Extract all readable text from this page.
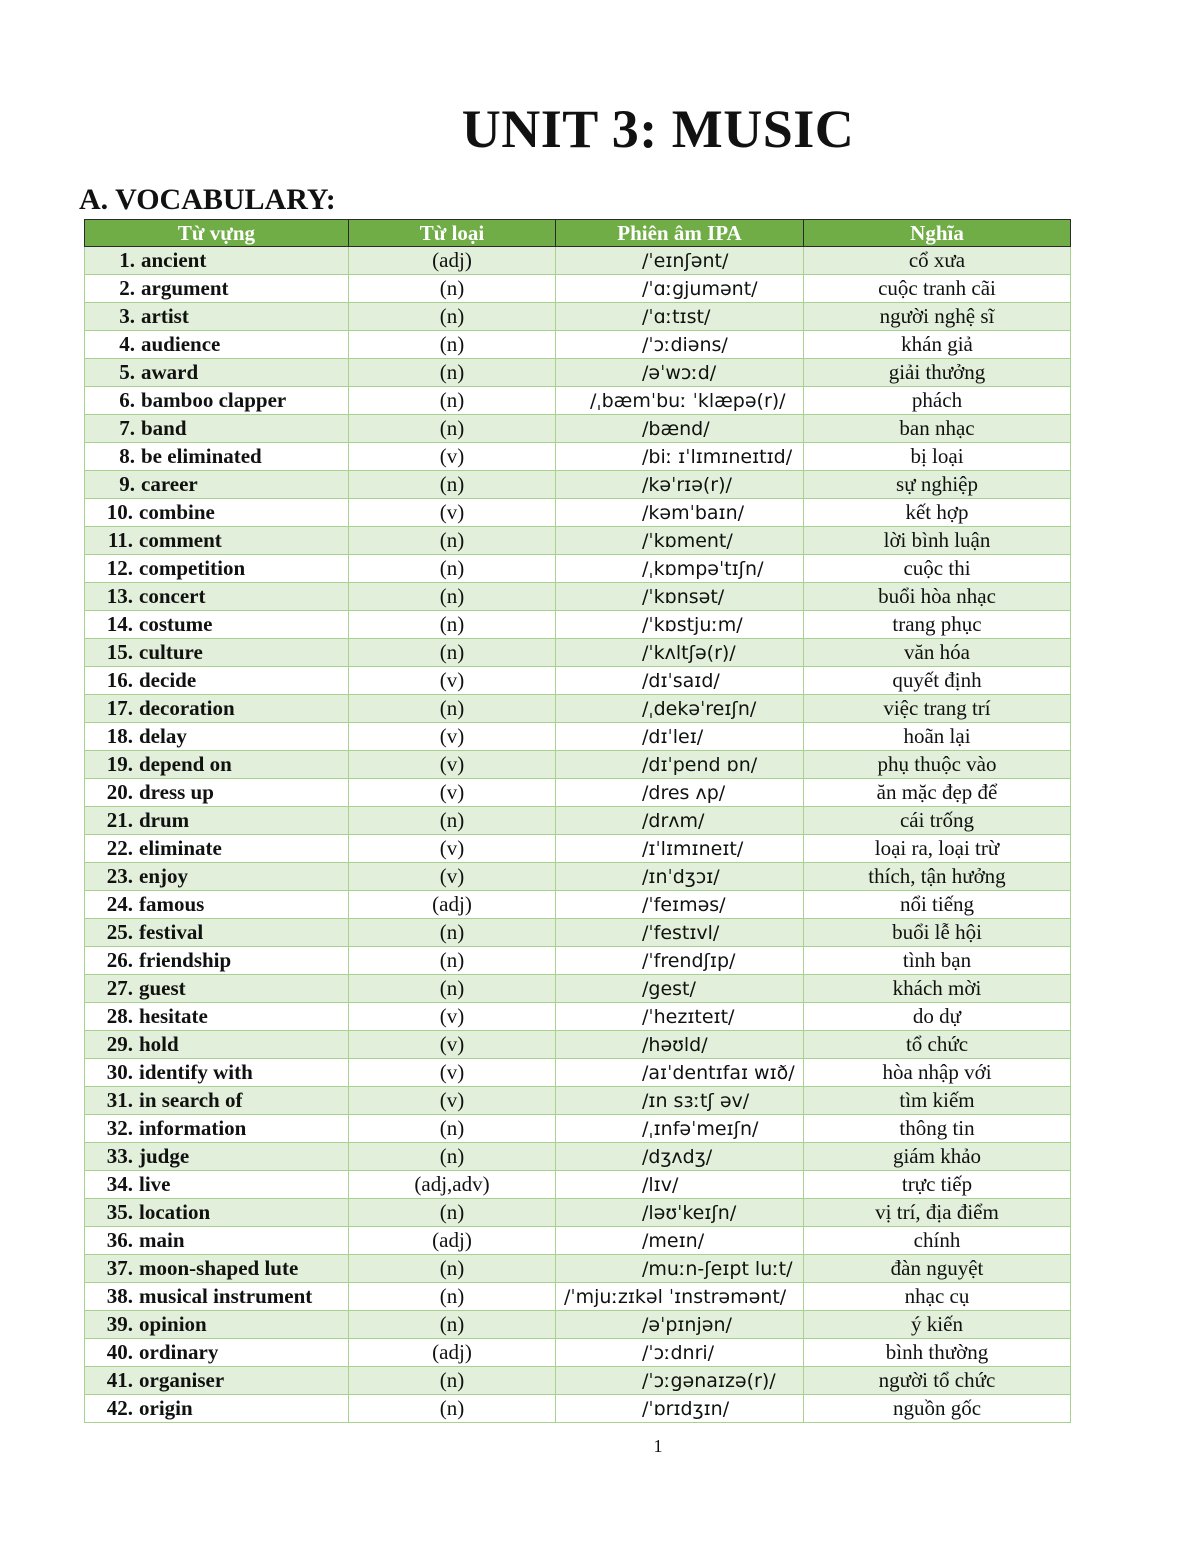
UNIT 3: MUSIC
A. VOCABULARY:
Từ vựng	Từ loại	Phiên âm IPA	Nghĩa
1. ancient	(adj)	/ˈeɪnʃənt/	cổ xưa
2. argument	(n)	/ˈɑːgjumənt/	cuộc tranh cãi
3. artist	(n)	/ˈɑːtɪst/	người nghệ sĩ
4. audience	(n)	/ˈɔːdiəns/	khán giả
5. award	(n)	/əˈwɔːd/	giải thưởng
6. bamboo clapper	(n)	/ˌbæmˈbuː ˈklæpə(r)/	phách
7. band	(n)	/bænd/	ban nhạc
8. be eliminated	(v)	/biː ɪˈlɪmɪneɪtɪd/	bị loại
9. career	(n)	/kəˈrɪə(r)/	sự nghiệp
10. combine	(v)	/kəmˈbaɪn/	kết hợp
11. comment	(n)	/ˈkɒment/	lời bình luận
12. competition	(n)	/ˌkɒmpəˈtɪʃn/	cuộc thi
13. concert	(n)	/ˈkɒnsət/	buổi hòa nhạc
14. costume	(n)	/ˈkɒstjuːm/	trang phục
15. culture	(n)	/ˈkʌltʃə(r)/	văn hóa
16. decide	(v)	/dɪˈsaɪd/	quyết định
17. decoration	(n)	/ˌdekəˈreɪʃn/	việc trang trí
18. delay	(v)	/dɪˈleɪ/	hoãn lại
19. depend on	(v)	/dɪˈpend ɒn/	phụ thuộc vào
20. dress up	(v)	/dres ʌp/	ăn mặc đẹp để
21. drum	(n)	/drʌm/	cái trống
22. eliminate	(v)	/ɪˈlɪmɪneɪt/	loại ra, loại trừ
23. enjoy	(v)	/ɪnˈdʒɔɪ/	thích, tận hưởng
24. famous	(adj)	/ˈfeɪməs/	nổi tiếng
25. festival	(n)	/ˈfestɪvl/	buổi lễ hội
26. friendship	(n)	/ˈfrendʃɪp/	tình bạn
27. guest	(n)	/gest/	khách mời
28. hesitate	(v)	/ˈhezɪteɪt/	do dự
29. hold	(v)	/həʊld/	tổ chức
30. identify with	(v)	/aɪˈdentɪfaɪ wɪð/	hòa nhập với
31. in search of	(v)	/ɪn sɜːtʃ əv/	tìm kiếm
32. information	(n)	/ˌɪnfəˈmeɪʃn/	thông tin
33. judge	(n)	/dʒʌdʒ/	giám khảo
34. live	(adj,adv)	/lɪv/	trực tiếp
35. location	(n)	/ləʊˈkeɪʃn/	vị trí, địa điểm
36. main	(adj)	/meɪn/	chính
37. moon-shaped lute	(n)	/muːn-ʃeɪpt luːt/	đàn nguyệt
38. musical instrument	(n)	/ˈmjuːzɪkəl ˈɪnstrəmənt/	nhạc cụ
39. opinion	(n)	/əˈpɪnjən/	ý kiến
40. ordinary	(adj)	/ˈɔːdnri/	bình thường
41. organiser	(n)	/ˈɔːgənaɪzə(r)/	người tổ chức
42. origin	(n)	/ˈɒrɪdʒɪn/	nguồn gốc
1
